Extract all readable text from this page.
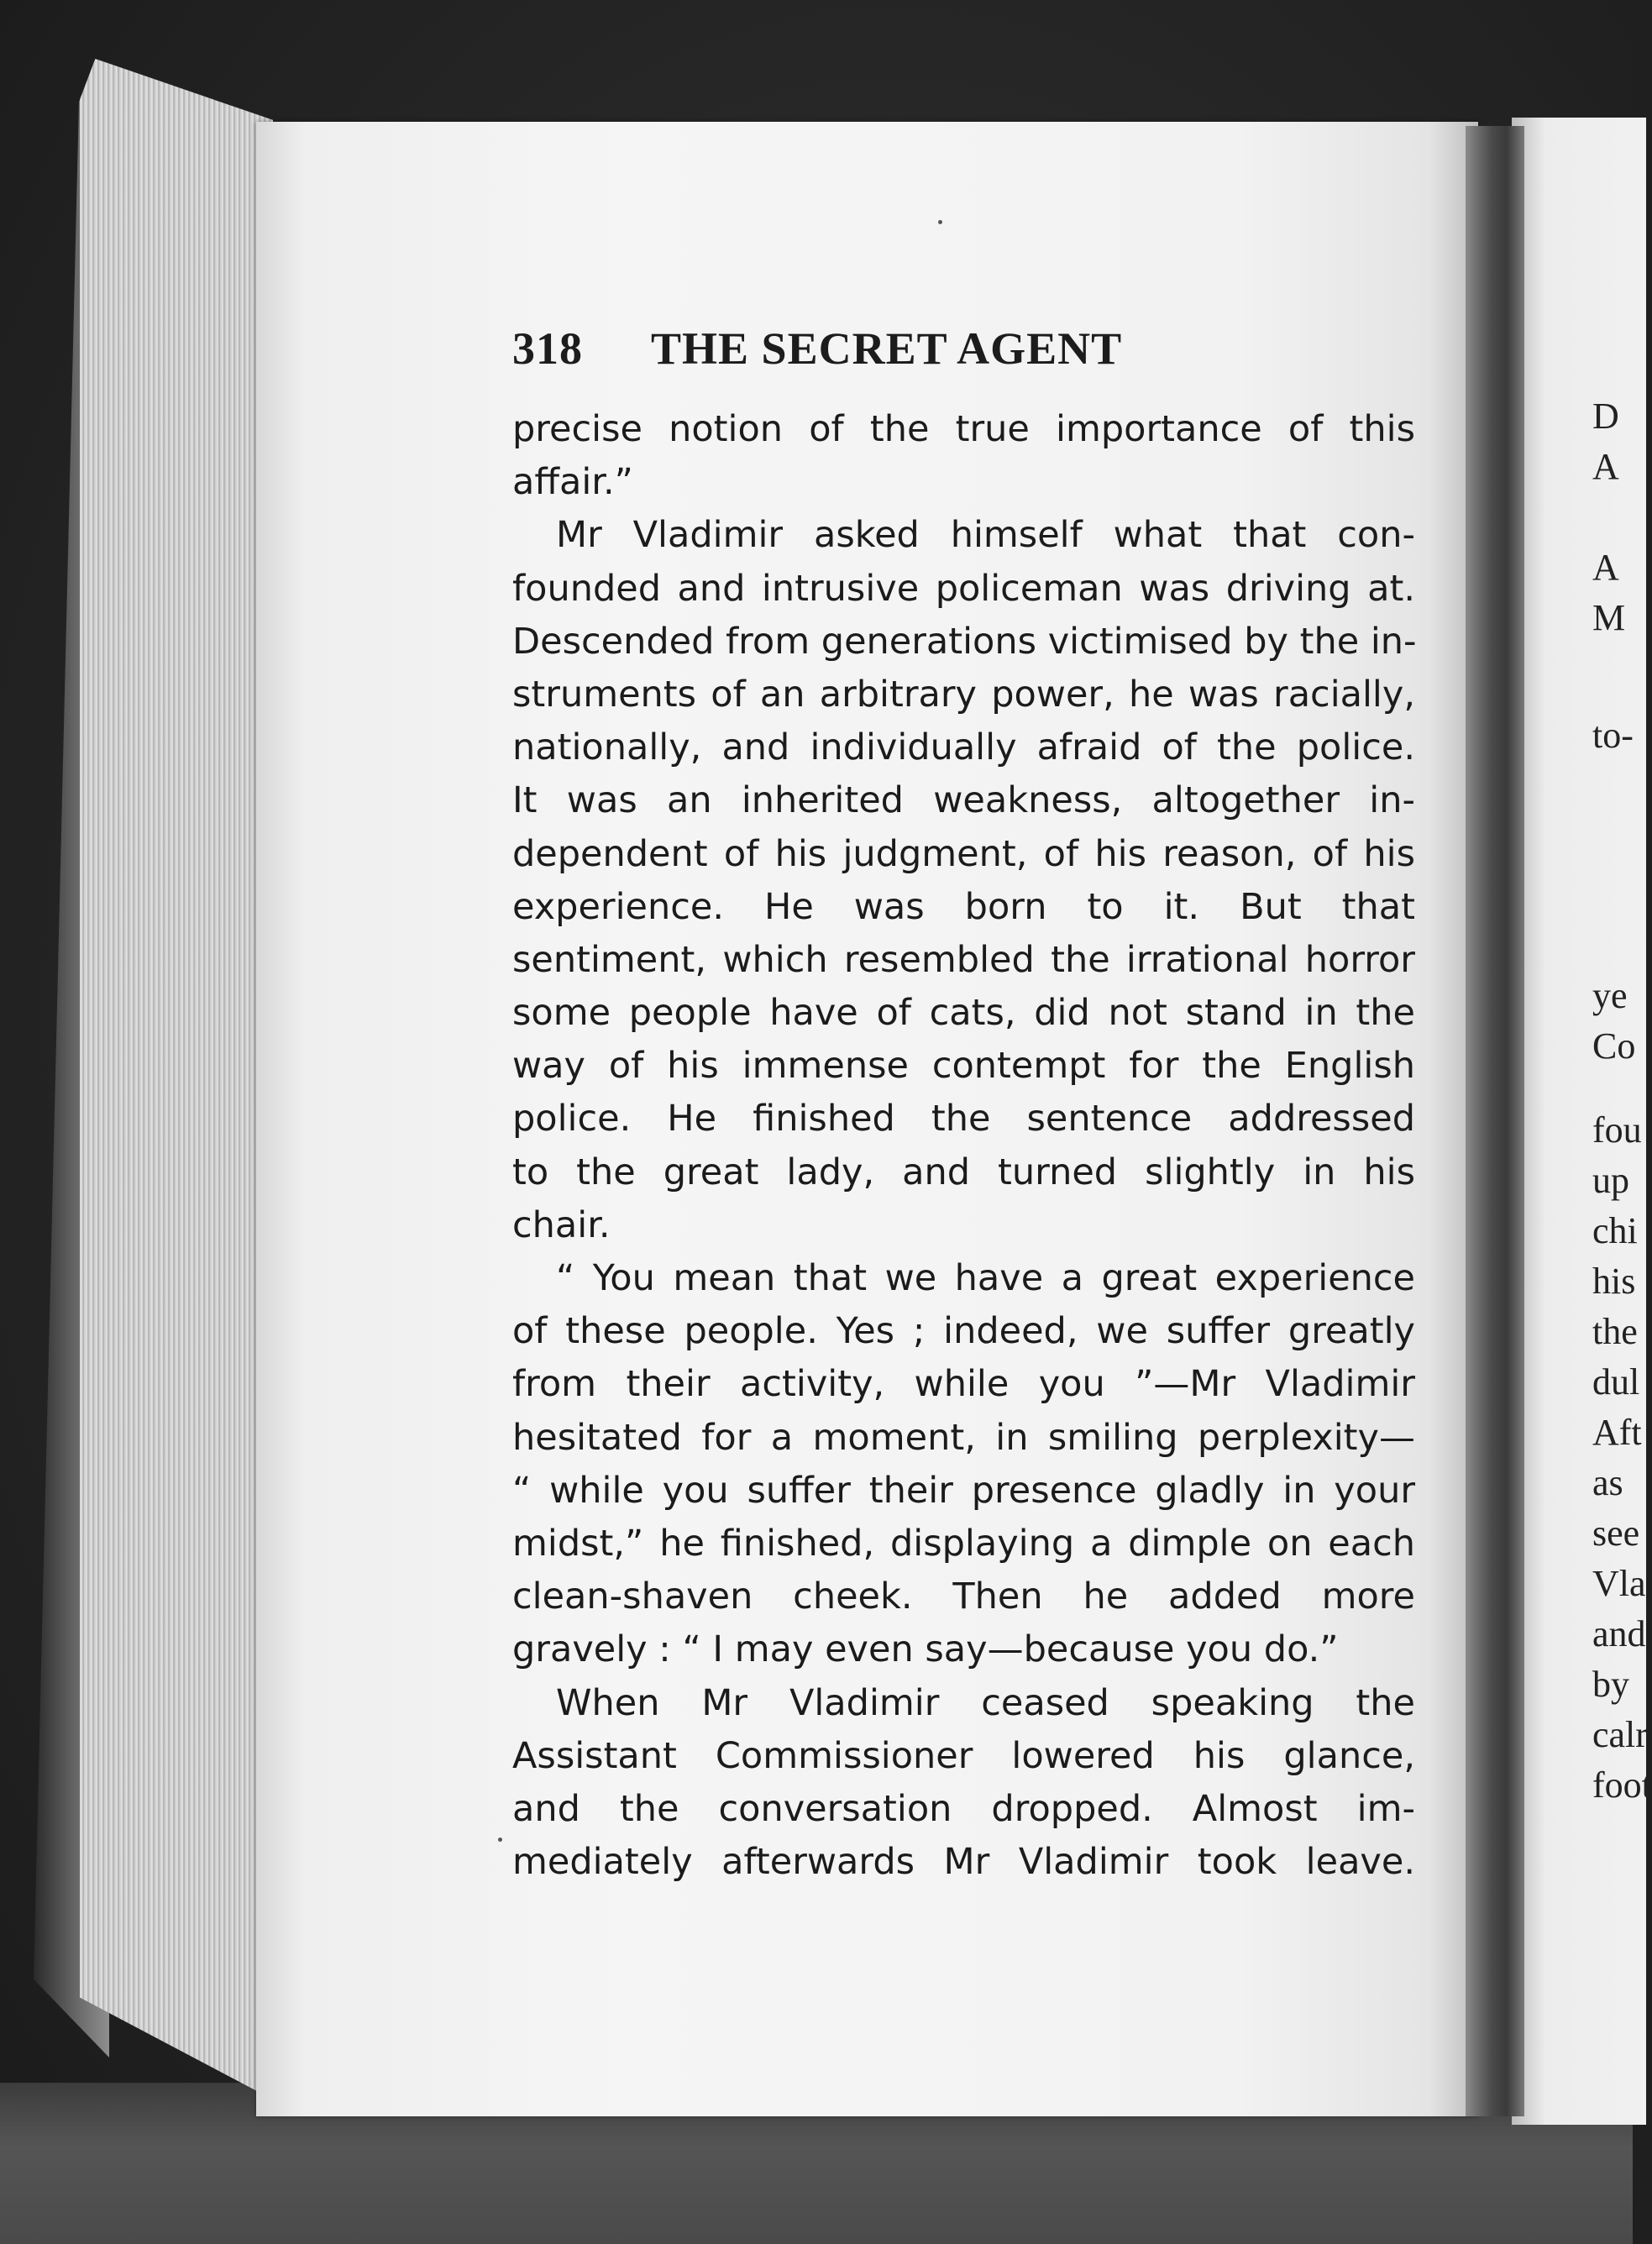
318 THE SECRET AGENT
precise notion of the true importance of this
affair.”
Mr Vladimir asked himself what that con-
founded and intrusive policeman was driving at.
Descended from generations victimised by the in-
struments of an arbitrary power, he was racially,
nationally, and individually afraid of the police.
It was an inherited weakness, altogether in-
dependent of his judgment, of his reason, of his
experience. He was born to it. But that
sentiment, which resembled the irrational horror
some people have of cats, did not stand in the
way of his immense contempt for the English
police. He finished the sentence addressed
to the great lady, and turned slightly in his
chair.
“ You mean that we have a great experience
of these people. Yes ; indeed, we suffer greatly
from their activity, while you ”—Mr Vladimir
hesitated for a moment, in smiling perplexity—
“ while you suffer their presence gladly in your
midst,” he finished, displaying a dimple on each
clean-shaven cheek. Then he added more
gravely : “ I may even say—because you do.”
When Mr Vladimir ceased speaking the
Assistant Commissioner lowered his glance,
and the conversation dropped. Almost im-
mediately afterwards Mr Vladimir took leave.
D
A
A
M
to-
ye
Co
fou
up
chi
his
the
dul
Aft
as
see
Vla
and
by
calr
foot
